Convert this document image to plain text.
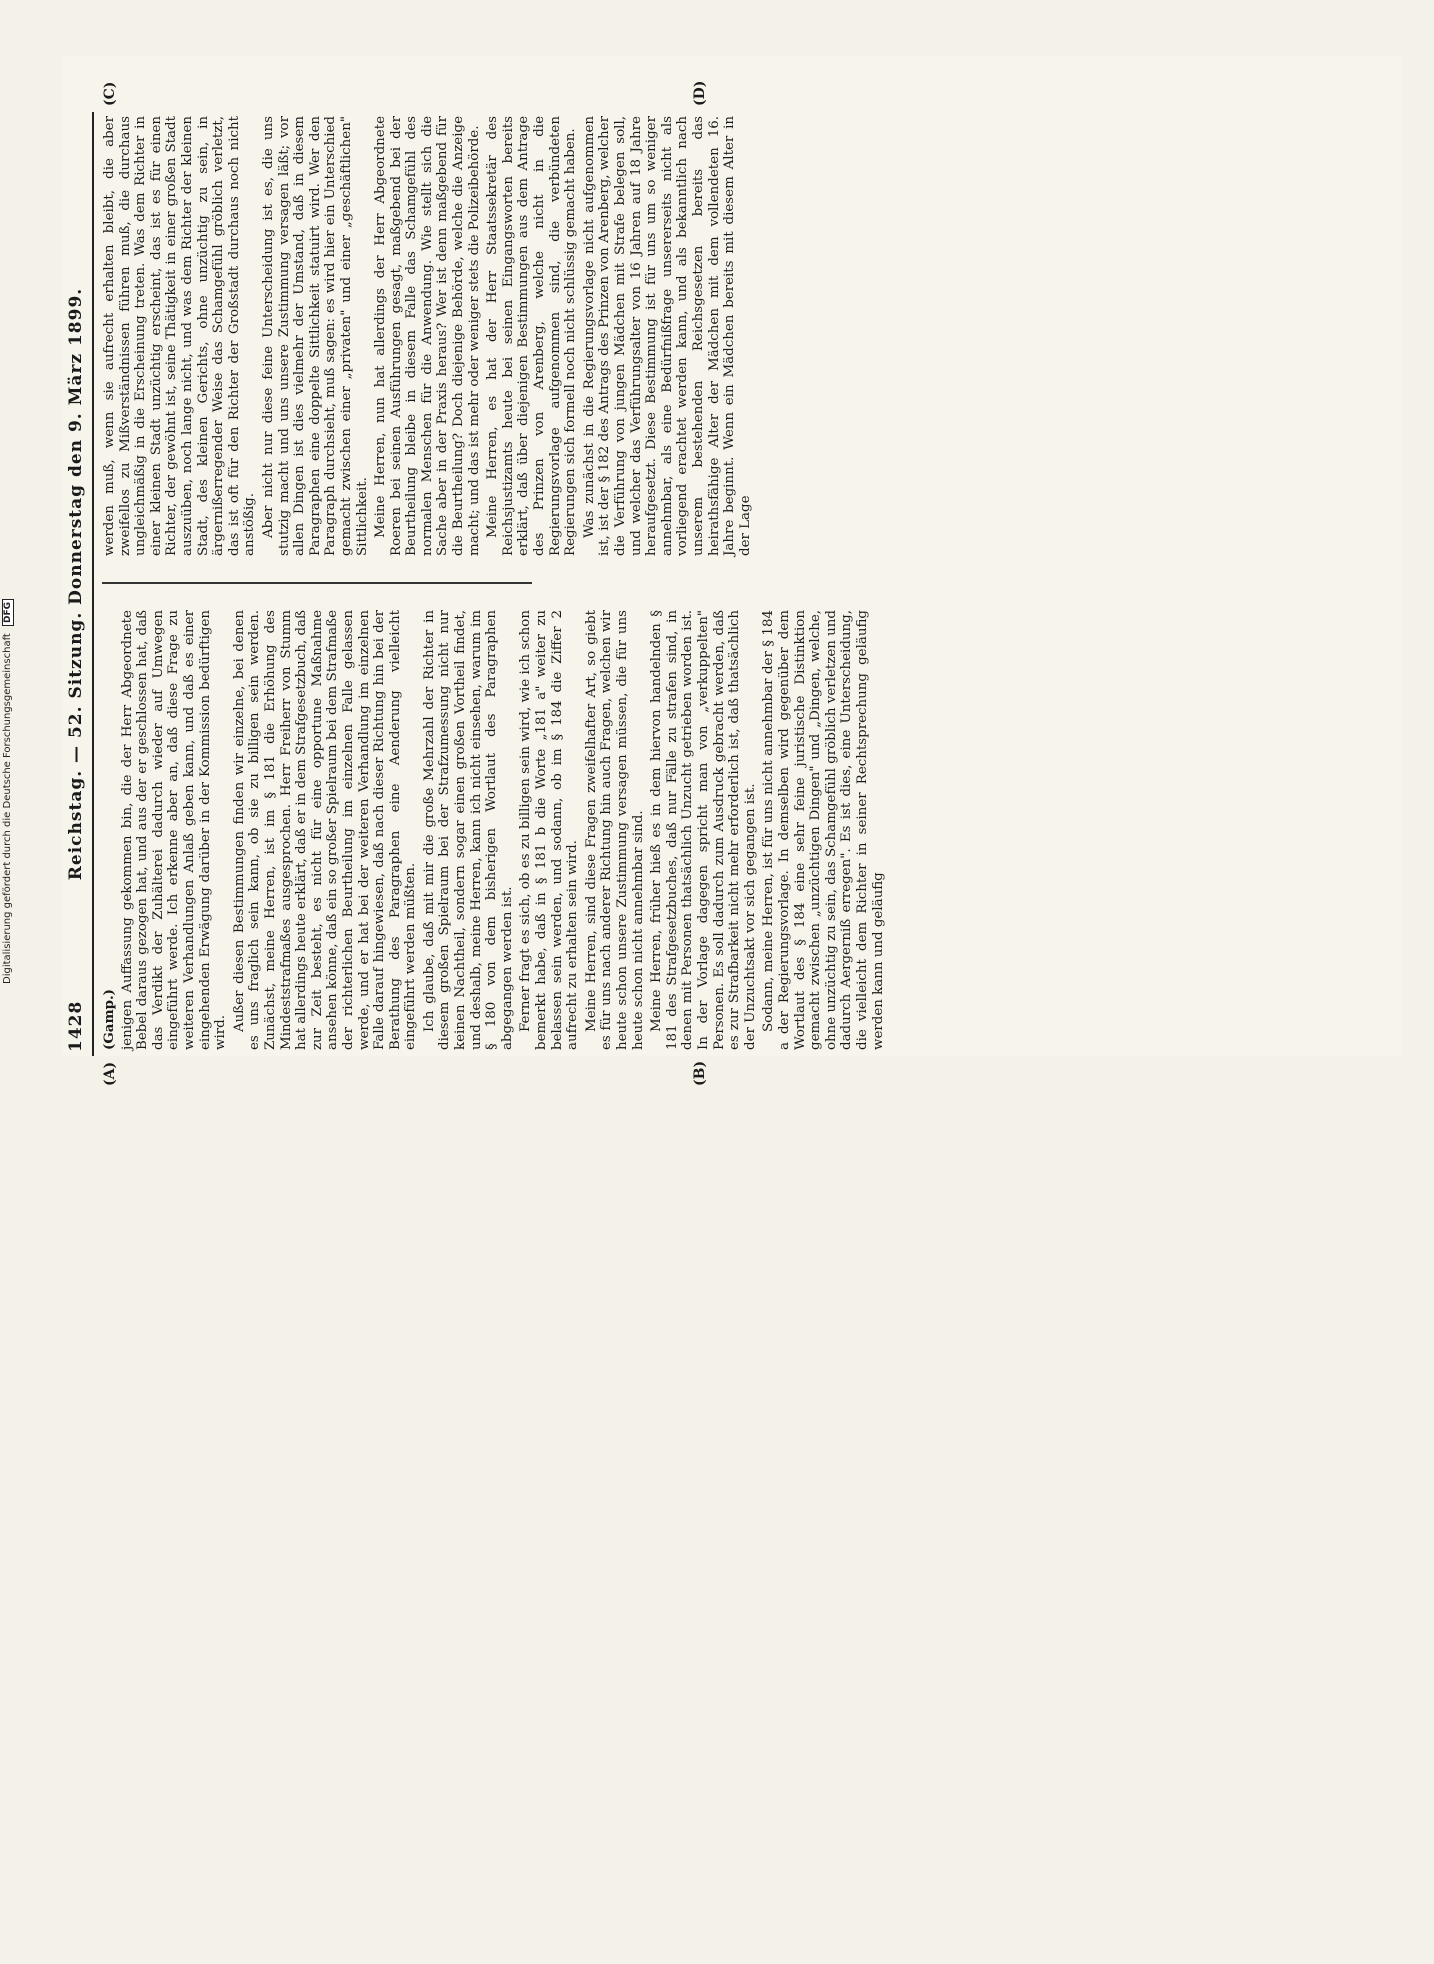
1428
Reichstag. — 52. Sitzung. Donnerstag den 9. März 1899.
(A)	(B)
(C)	(D)
(Gamp.) jenigen Auffassung gekommen bin, die der Herr Abgeordnete Bebel daraus gezogen hat, und aus der er geschlossen hat, daß das Verdikt der Zuhälterei dadurch wieder auf Umwegen eingeführt werde. Ich erkenne aber an, daß diese Frage zu weiteren Verhandlungen Anlaß geben kann, und daß es einer eingehenden Erwägung darüber in der Kommission bedürftigen wird.

Außer diesen Bestimmungen finden wir einzelne, bei denen es uns fraglich sein kann, ob sie zu billigen sein werden. Zunächst, meine Herren, ist im § 181 die Erhöhung des Mindeststrafmaßes ausgesprochen. Herr Freiherr von Stumm hat allerdings heute erklärt, daß er in dem Strafgesetzbuch, daß zur Zeit besteht, es nicht für eine opportune Maßnahme ansehen könne, daß ein so großer Spielraum bei dem Strafmaße der richterlichen Beurtheilung im einzelnen Falle gelassen werde, und er hat bei der weiteren Verhandlung im einzelnen Falle darauf hingewiesen, daß nach dieser Richtung hin bei der Berathung des Paragraphen eine Aenderung vielleicht eingeführt werden müßten. Ich glaube, daß mit mir die große Mehrzahl der Richter in diesem großen Spielraum bei der Strafzumessung nicht nur keinen Nachtheil, sondern sogar einen großen Vortheil findet, und deshalb, meine Herren, kann ich nicht einsehen, warum im § 180 von dem bisherigen Wortlaut des Paragraphen abgegangen werden ist. Ferner fragt es sich, ob es zu billigen sein wird, wie ich schon bemerkt habe, daß in § 181 b die Worte „181 a" weiter zu belassen sein werden, und sodann, ob im § 184 die Ziffer 2 aufrecht zu erhalten sein wird. Meine Herren, sind diese Fragen zweifelhafter Art, so giebt es für uns nach anderer Richtung hin auch Fragen, welchen wir heute schon unsere Zustimmung versagen müssen, die für uns heute schon nicht annehmbar sind. Meine Herren, früher hieß es in dem hiervon handelnden § 181 des Strafgesetzbuches, daß nur Fälle zu strafen sind, in denen mit Personen thatsächlich Unzucht getrieben worden ist. In der Vorlage dagegen spricht man von „verkuppelten" Personen. Es soll dadurch zum Ausdruck gebracht werden, daß es zur Strafbarkeit nicht mehr erforderlich ist, daß thatsächlich der Unzuchtsakt vor sich gegangen ist. Sodann, meine Herren, ist für uns nicht annehmbar der § 184 a der Regierungsvorlage. In demselben wird gegenüber dem Wortlaut des § 184 eine sehr feine juristische Distinktion gemacht zwischen „unzüchtigen Dingen" und „Dingen, welche, ohne unzüchtig zu sein, das Schamgefühl gröblich verletzen und dadurch Aergerniß erregen". Es ist dies, eine Unterscheidung, die vielleicht dem Richter in seiner Rechtsprechung geläufig werden kann und geläufig

werden muß, wenn sie aufrecht erhalten bleibt, die aber zweifellos zu Mißverständnissen führen muß, die durchaus ungleichmäßig in die Erscheinung treten. Was dem Richter in einer kleinen Stadt unzüchtig erscheint, das ist es für einen Richter, der gewöhnt ist, seine Thätigkeit in einer großen Stadt auszuüben, noch lange nicht, und was dem Richter der kleinen Stadt, des kleinen Gerichts, ohne unzüchtig zu sein, in ärgernißerregender Weise das Schamgefühl gröblich verletzt, das ist oft für den Richter der Großstadt durchaus noch nicht anstößig. Aber nicht nur diese feine Unterscheidung ist es, die uns stutzig macht und uns unsere Zustimmung versagen läßt; vor allen Dingen ist dies vielmehr der Umstand, daß in diesem Paragraphen eine doppelte Sittlichkeit statuirt wird. Wer den Paragraph durchsieht, muß sagen: es wird hier ein Unterschied gemacht zwischen einer „privaten" und einer „geschäftlichen" Sittlichkeit. Meine Herren, nun hat allerdings der Herr Abgeordnete Roeren bei seinen Ausführungen gesagt, maßgebend bei der Beurtheilung bleibe in diesem Falle das Schamgefühl des normalen Menschen für die Anwendung. Wie stellt sich die Sache aber in der Praxis heraus? Wer ist denn maßgebend für die Beurtheilung? Doch diejenige Behörde, welche die Anzeige macht; und das ist mehr oder weniger stets die Polizeibehörde. Meine Herren, es hat der Herr Staatssekretär des Reichsjustizamts heute bei seinen Eingangsworten bereits erklärt, daß über diejenigen Bestimmungen aus dem Antrage des Prinzen von Arenberg, welche nicht in die Regierungsvorlage aufgenommen sind, die verbündeten Regierungen sich formell noch nicht schlüssig gemacht haben. Was zunächst in die Regierungsvorlage nicht aufgenommen ist, ist der § 182 des Antrags des Prinzen von Arenberg, welcher die Verführung von jungen Mädchen mit Strafe belegen soll, und welcher das Verführungsalter von 16 Jahren auf 18 Jahre heraufgesetzt. Diese Bestimmung ist für uns um so weniger annehmbar, als eine Bedürfnißfrage unsererseits nicht als vorliegend erachtet werden kann, und als bekanntlich nach unserem bestehenden Reichsgesetzen bereits das heirathsfähige Alter der Mädchen mit dem vollendeten 16. Jahre beginnt. Wenn ein Mädchen bereits mit diesem Alter in der Lage

Digitalisierung gefördert durch die Deutsche Forschungsgemeinschaft DFG
